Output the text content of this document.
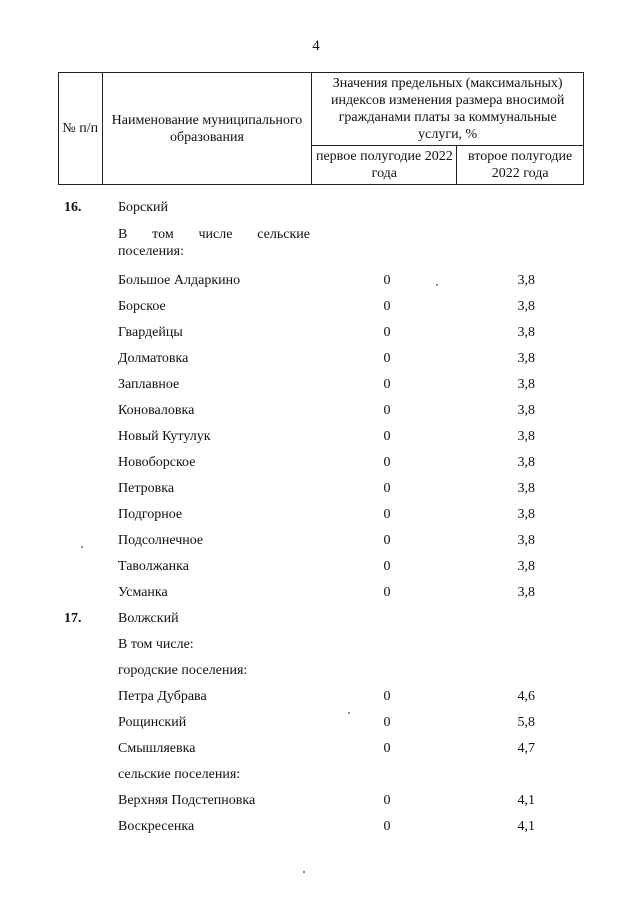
4
№ п/п	Наименование муниципального образования	Значения предельных (максимальных) индексов изменения размера вносимой гражданами платы за коммунальные услуги, %	
		первое полугодие 2022 года	второе полугодие 2022 года
16.	Борский
В том числе сельские
поселения:
Большое Алдаркино	0	3,8
Борское	0	3,8
Гвардейцы	0	3,8
Долматовка	0	3,8
Заплавное	0	3,8
Коноваловка	0	3,8
Новый Кутулук	0	3,8
Новоборское	0	3,8
Петровка	0	3,8
Подгорное	0	3,8
Подсолнечное	0	3,8
Таволжанка	0	3,8
Усманка	0	3,8
17.	Волжский
В том числе:
городские поселения:
Петра Дубрава	0	4,6
Рощинский	0	5,8
Смышляевка	0	4,7
сельские поселения:
Верхняя Подстепновка	0	4,1
Воскресенка	0	4,1
